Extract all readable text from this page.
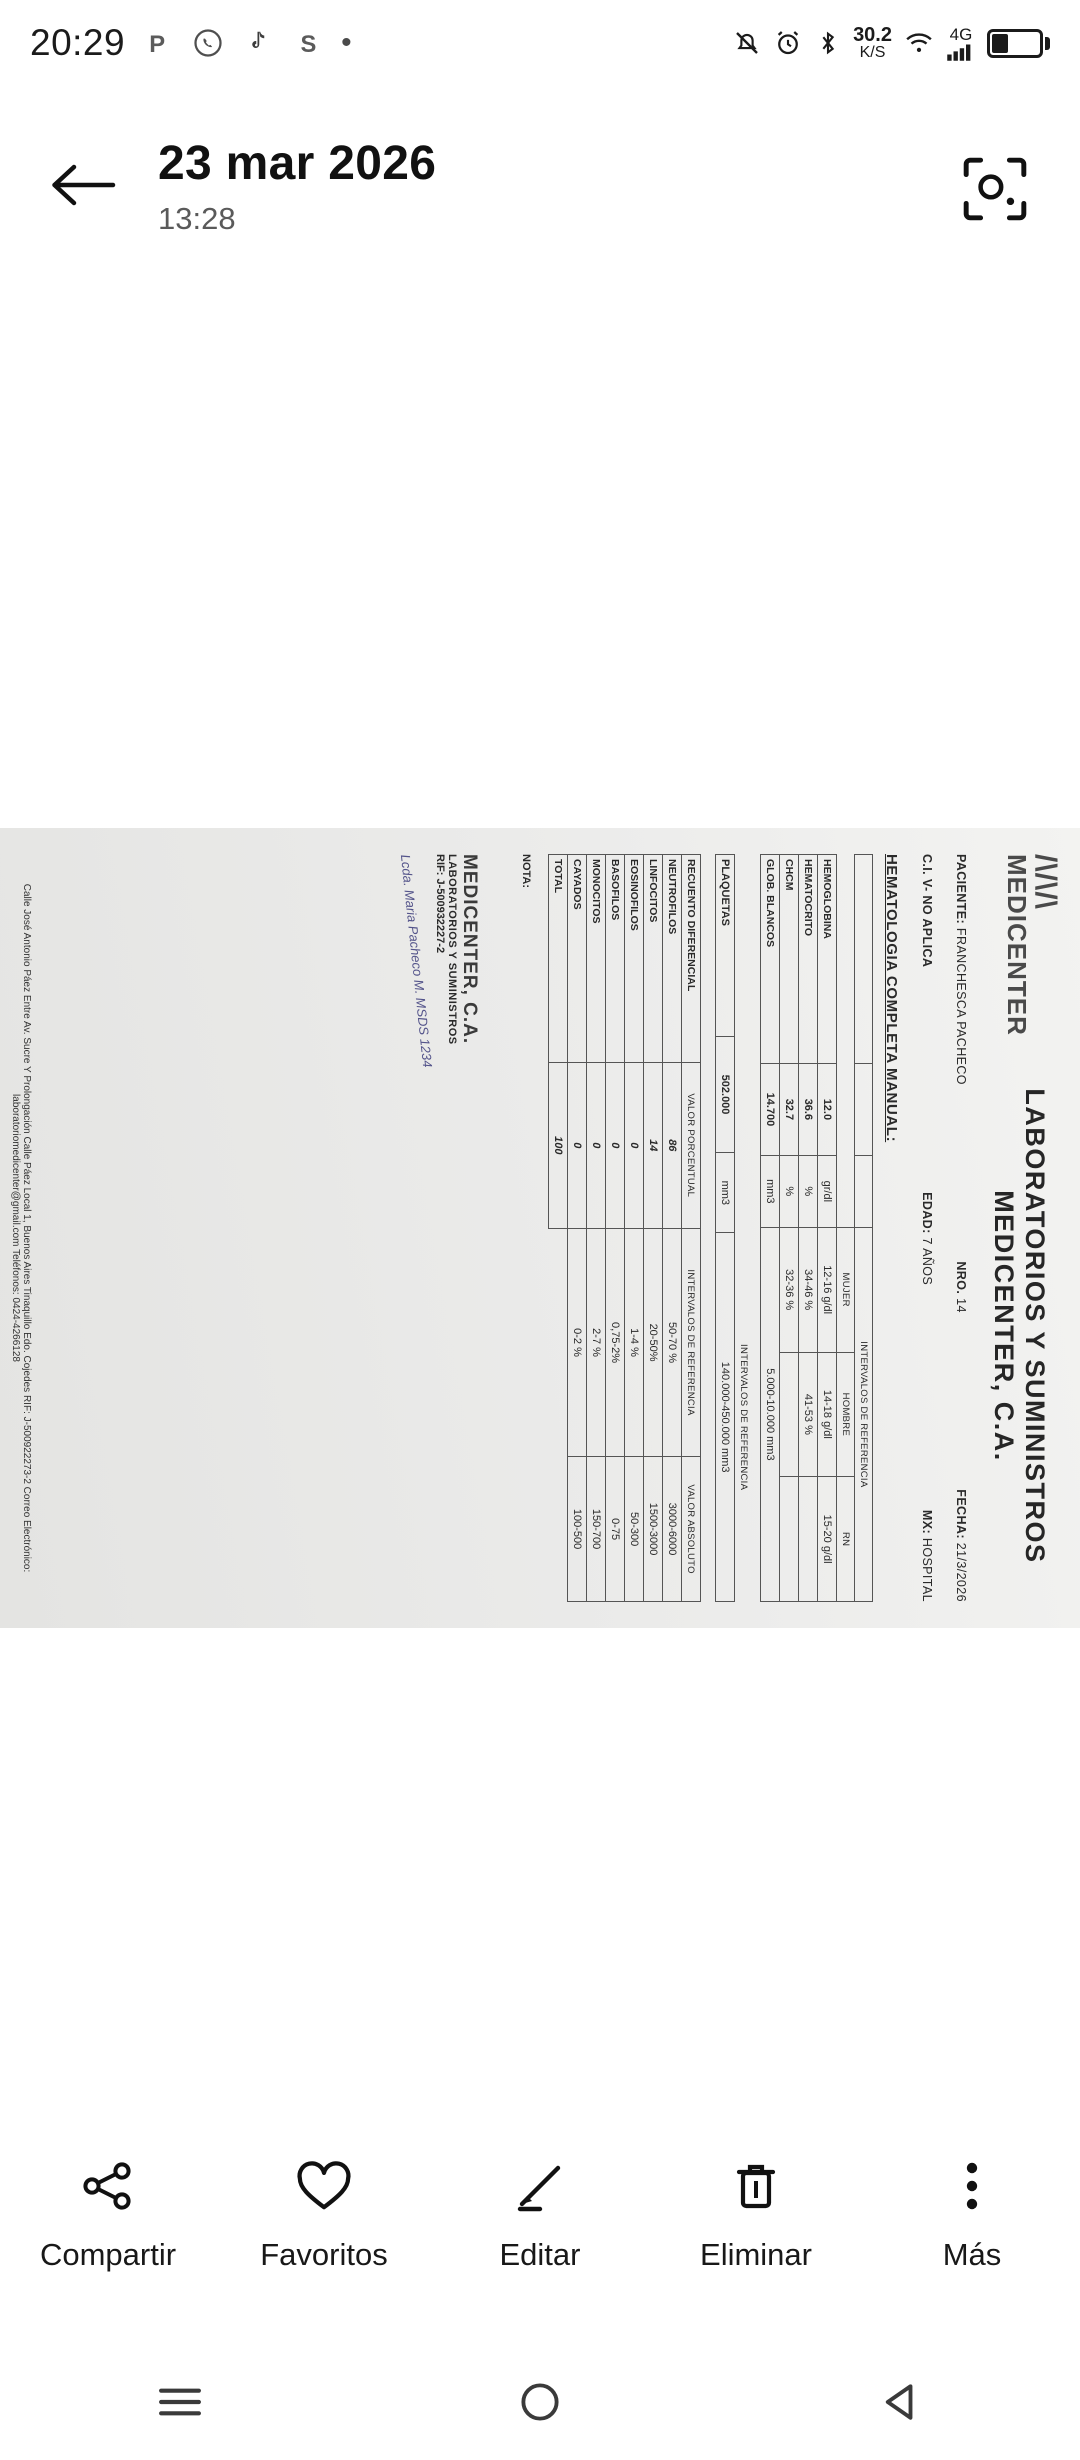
20:29 P	S •	30.2
K/S
4G 17
23 mar 2026
13:28
/\/\/\
MEDICENTER
LABORATORIOS Y SUMINISTROS MEDICENTER, C.A.
PACIENTE: FRANCHESCA PACHECO
NRO. 14
FECHA: 21/3/2026
C.I. V- NO APLICA
EDAD: 7 AÑOS
MX: HOSPITAL
HEMATOLOGIA COMPLETA MANUAL:
			INTERVALOS DE REFERENCIA		
			MUJER	HOMBRE	RN
HEMOGLOBINA	12.0	gr/dl	12-16 g/dl	14-18 g/dl	15-20 g/dl
HEMATOCRITO	36.6	%	34-46 %	41-53 %	
CHCM	32.7	%	32-36 %		
GLOB. BLANCOS	14.700	mm3	5.000-10.000 mm3		
			INTERVALOS DE REFERENCIA
PLAQUETAS	502.000	mm3	140.000-450.000 mm3
RECUENTO DIFERENCIAL	VALOR PORCENTUAL	INTERVALOS DE REFERENCIA	VALOR ABSOLUTO
NEUTROFILOS	86	50-70 %	3000-6000
LINFOCITOS	14	20-50%	1500-3000
EOSINOFILOS	0	1-4 %	50-300
BASOFILOS	0	0,75-2%	0-75
MONOCITOS	0	2-7 %	150-700
CAYADOS	0	0-2 %	100-500
TOTAL	100		
NOTA:
MEDICENTER, C.A.
LABORATORIOS Y SUMINISTROS
RIF: J-500932227-2
Lcda. Maria Pacheco M. MSDS 1234
Calle José Antonio Páez Entre Av. Sucre Y Prolongación Calle Páez Local 1, Buenos Aires Tinaquillo Edo. Cojedes RIF: J-500922273-2 Correo Electrónico: laboratoriomedicenter@gmail.com Teléfonos: 0424-4266128
Compartir	Favoritos	Editar	Eliminar	Más
